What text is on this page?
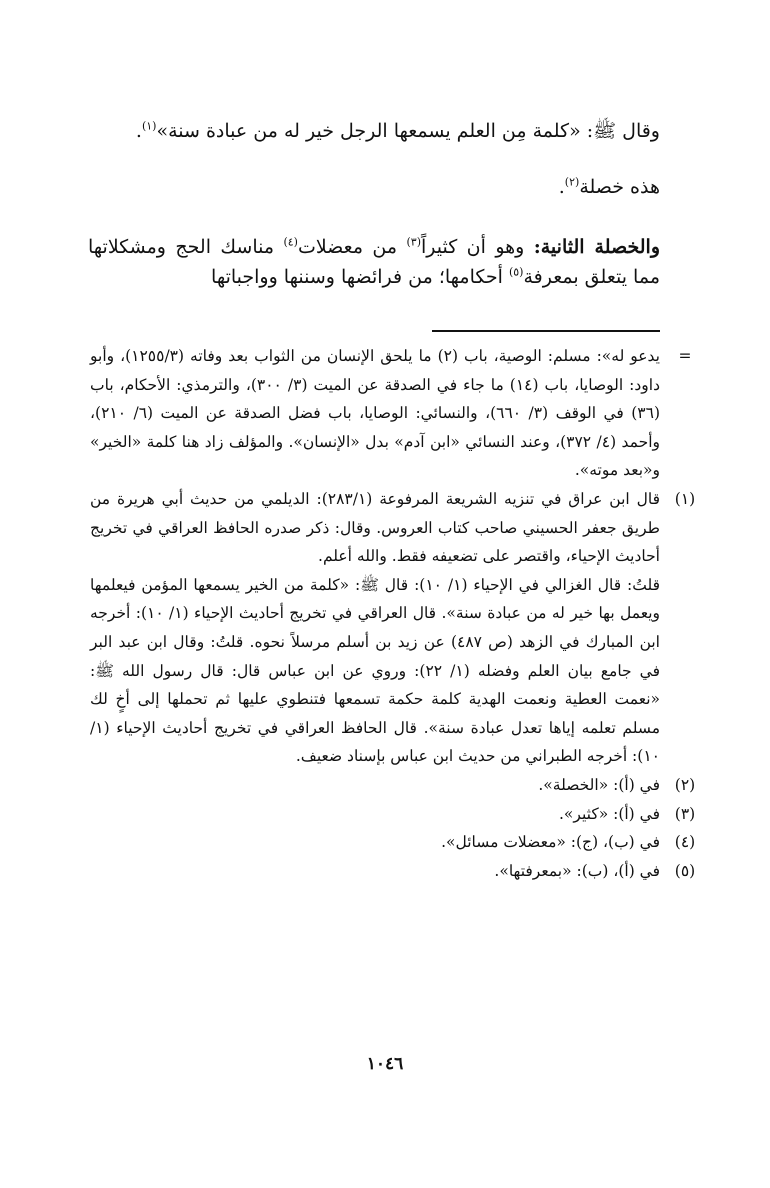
وقال ﷺ: «كلمة مِن العلم يسمعها الرجل خير له من عبادة سنة»$^{(١)}$.

هذه خصلة$^{(٢)}$.

والخصلة الثانية: وهو أن كثيراً$^{(٣)}$ من معضلات$^{(٤)}$ مناسك الحج ومشكلاتها مما يتعلق بمعرفة$^{(٥)}$ أحكامها؛ من فرائضها وسننها وواجباتها

=

يدعو له»: مسلم: الوصية، باب (٢) ما يلحق الإنسان من الثواب بعد وفاته (١٢٥٥/٣)، وأبو داود: الوصايا، باب (١٤) ما جاء في الصدقة عن الميت (٣/ ٣٠٠)، والترمذي: الأحكام، باب (٣٦) في الوقف (٣/ ٦٦٠)، والنسائي: الوصايا، باب فضل الصدقة عن الميت (٦/ ٢١٠)، وأحمد (٤/ ٣٧٢)، وعند النسائي «ابن آدم» بدل «الإنسان». والمؤلف زاد هنا كلمة «الخير» و«بعد موته».

(١)

قال ابن عراق في تنزيه الشريعة المرفوعة (٢٨٣/١): الديلمي من حديث أبي هريرة من طريق جعفر الحسيني صاحب كتاب العروس. وقال: ذكر صدره الحافظ العراقي في تخريج أحاديث الإحياء، واقتصر على تضعيفه فقط. والله أعلم.

قلتُ: قال الغزالي في الإحياء (١/ ١٠): قال ﷺ: «كلمة من الخير يسمعها المؤمن فيعلمها ويعمل بها خير له من عبادة سنة». قال العراقي في تخريج أحاديث الإحياء (١/ ١٠): أخرجه ابن المبارك في الزهد (ص ٤٨٧) عن زيد بن أسلم مرسلاً نحوه. قلتُ: وقال ابن عبد البر في جامع بيان العلم وفضله (١/ ٢٢): وروي عن ابن عباس قال: قال رسول الله ﷺ: «نعمت العطية ونعمت الهدية كلمة حكمة تسمعها فتنطوي عليها ثم تحملها إلى أخٍ لك مسلم تعلمه إياها تعدل عبادة سنة». قال الحافظ العراقي في تخريج أحاديث الإحياء (١/ ١٠): أخرجه الطبراني من حديث ابن عباس بإسناد ضعيف.

(٢)

في (أ): «الخصلة».

(٣)

في (أ): «كثير».

(٤)

في (ب)، (ج): «معضلات مسائل».

(٥)

في (أ)، (ب): «بمعرفتها».

١٠٤٦
